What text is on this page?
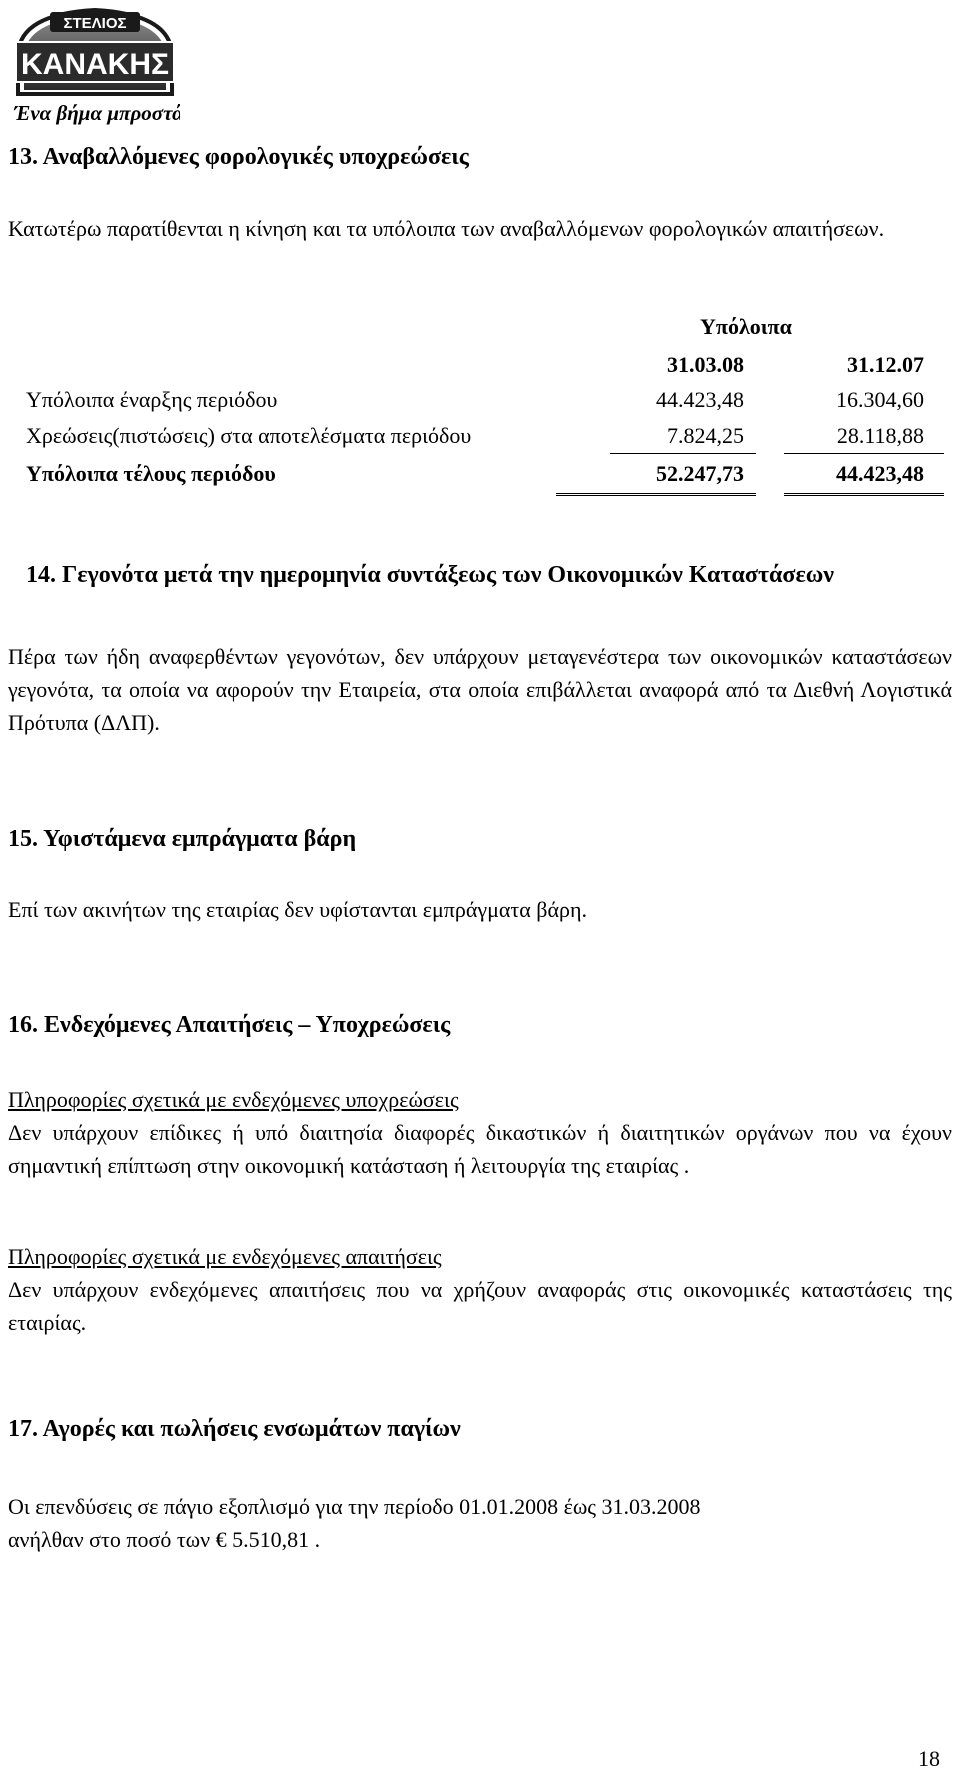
ΣΤΕΛΙΟΣ
ΚΑΝΑΚΗΣ
Ένα βήμα μπροστά !
13. Αναβαλλόμενες φορολογικές υποχρεώσεις
Κατωτέρω παρατίθενται η κίνηση και τα υπόλοιπα των αναβαλλόμενων φορολογικών απαιτήσεων.
Υπόλοιπα
31.03.08	31.12.07
Υπόλοιπα έναρξης περιόδου	44.423,48	16.304,60
Χρεώσεις(πιστώσεις) στα αποτελέσματα περιόδου	7.824,25	28.118,88
Υπόλοιπα τέλους περιόδου	52.247,73	44.423,48
14. Γεγονότα μετά την ημερομηνία συντάξεως των Οικονομικών Καταστάσεων
Πέρα των ήδη αναφερθέντων γεγονότων, δεν υπάρχουν μεταγενέστερα των οικονομικών καταστάσεων γεγονότα, τα οποία να αφορούν την Εταιρεία, στα οποία επιβάλλεται αναφορά από τα Διεθνή Λογιστικά Πρότυπα (ΔΛΠ).
15. Υφιστάμενα εμπράγματα βάρη
Επί των ακινήτων της εταιρίας δεν υφίστανται εμπράγματα βάρη.
16. Ενδεχόμενες Απαιτήσεις – Υποχρεώσεις
Πληροφορίες σχετικά με ενδεχόμενες υποχρεώσεις
Δεν υπάρχουν επίδικες ή υπό διαιτησία διαφορές δικαστικών ή διαιτητικών οργάνων που να έχουν σημαντική επίπτωση στην οικονομική κατάσταση ή λειτουργία της εταιρίας .
Πληροφορίες σχετικά με ενδεχόμενες απαιτήσεις
Δεν υπάρχουν ενδεχόμενες απαιτήσεις που να χρήζουν αναφοράς στις οικονομικές καταστάσεις της εταιρίας.
17. Αγορές και πωλήσεις ενσωμάτων παγίων
Οι επενδύσεις σε πάγιο εξοπλισμό για την περίοδο 01.01.2008 έως 31.03.2008
ανήλθαν στο ποσό των € 5.510,81 .
18
